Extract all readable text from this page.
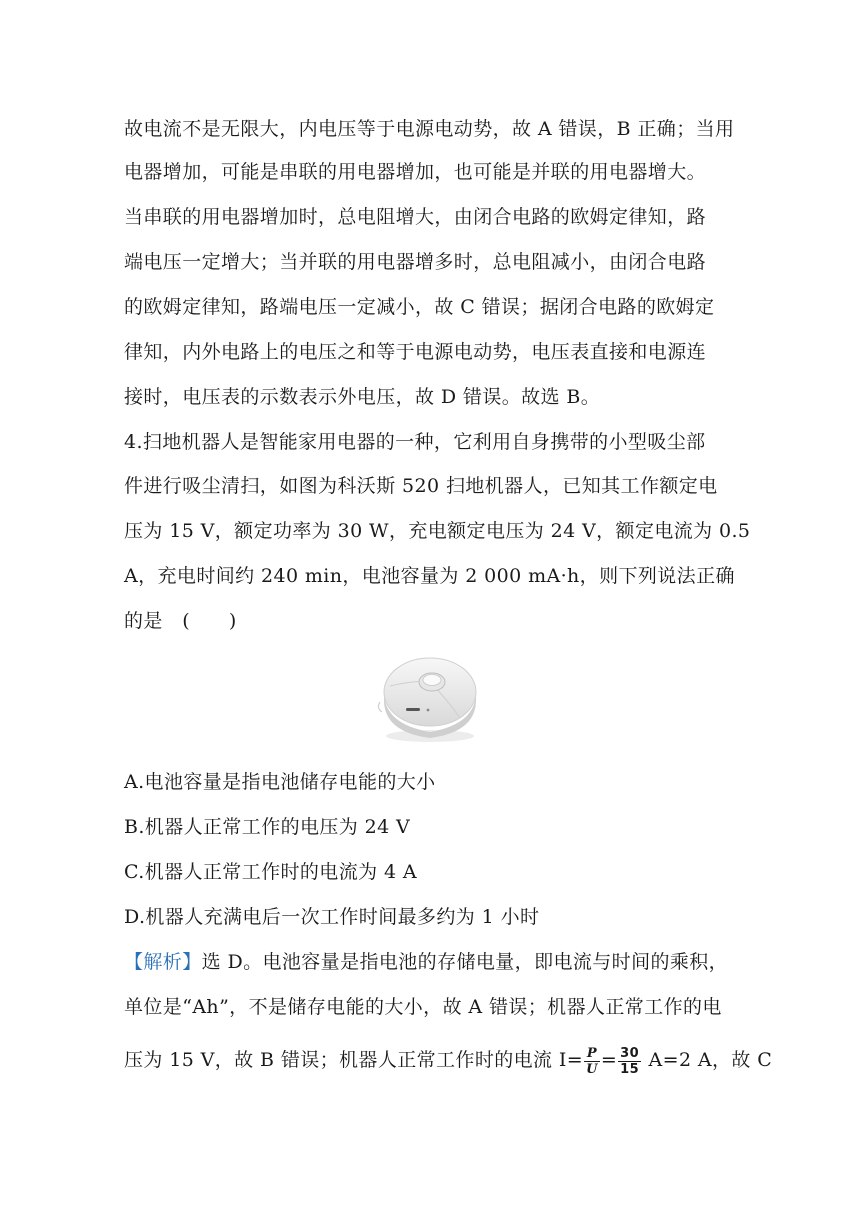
故电流不是无限大，内电压等于电源电动势，故 A 错误，B 正确；当用
电器增加，可能是串联的用电器增加，也可能是并联的用电器增大。
当串联的用电器增加时，总电阻增大，由闭合电路的欧姆定律知，路
端电压一定增大；当并联的用电器增多时，总电阻减小，由闭合电路
的欧姆定律知，路端电压一定减小，故 C 错误；据闭合电路的欧姆定
律知，内外电路上的电压之和等于电源电动势，电压表直接和电源连
接时，电压表的示数表示外电压，故 D 错误。故选 B。
4.扫地机器人是智能家用电器的一种，它利用自身携带的小型吸尘部
件进行吸尘清扫，如图为科沃斯 520 扫地机器人，已知其工作额定电
压为 15 V，额定功率为 30 W，充电额定电压为 24 V，额定电流为 0.5
A，充电时间约 240 min，电池容量为 2 000 mA·h，则下列说法正确
的是　(　　)
A.电池容量是指电池储存电能的大小
B.机器人正常工作的电压为 24 V
C.机器人正常工作时的电流为 4 A
D.机器人充满电后一次工作时间最多约为 1 小时
【解析】选 D。电池容量是指电池的存储电量，即电流与时间的乘积，
单位是“Ah”，不是储存电能的大小，故 A 错误；机器人正常工作的电
压为 15 V，故 B 错误；机器人正常工作时的电流 $I= \frac{P}{U} = \frac{30}{15} A=2$ A，故 C
